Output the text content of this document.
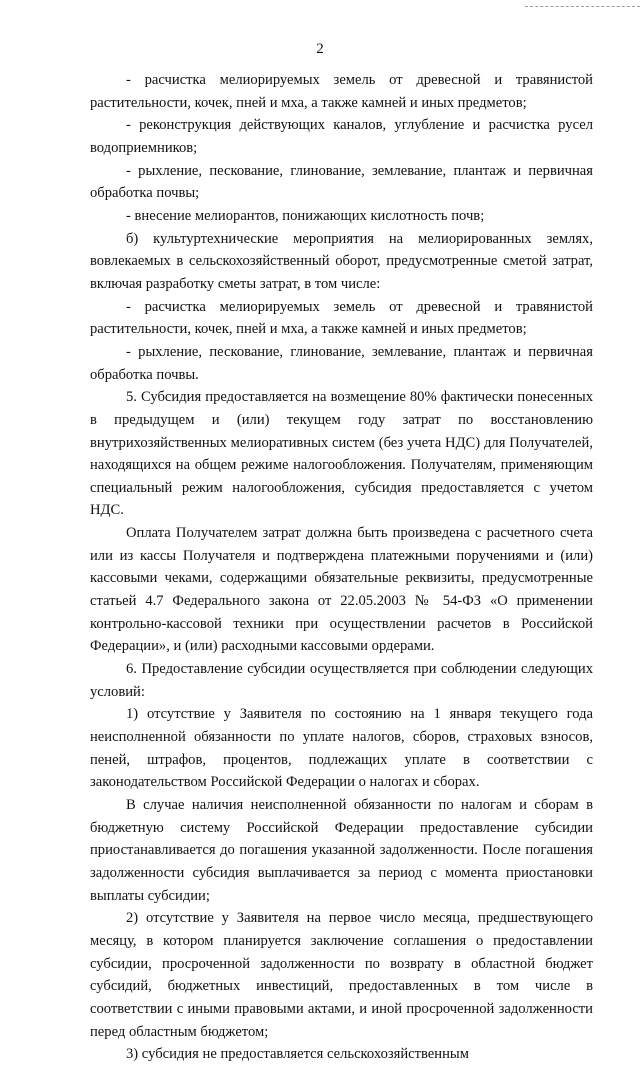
2

- расчистка мелиорируемых земель от древесной и травянистой растительности, кочек, пней и мха, а также камней и иных предметов;

- реконструкция действующих каналов, углубление и расчистка русел водоприемников;

- рыхление, пескование, глинование, землевание, плантаж и первичная обработка почвы;

- внесение мелиорантов, понижающих кислотность почв;

б) культуртехнические мероприятия на мелиорированных землях, вовлекаемых в сельскохозяйственный оборот, предусмотренные сметой затрат, включая разработку сметы затрат, в том числе:

- расчистка мелиорируемых земель от древесной и травянистой растительности, кочек, пней и мха, а также камней и иных предметов;

- рыхление, пескование, глинование, землевание, плантаж и первичная обработка почвы.

5. Субсидия предоставляется на возмещение 80% фактически понесенных в предыдущем и (или) текущем году затрат по восстановлению внутрихозяйственных мелиоративных систем (без учета НДС) для Получателей, находящихся на общем режиме налогообложения. Получателям, применяющим специальный режим налогообложения, субсидия предоставляется с учетом НДС.

Оплата Получателем затрат должна быть произведена с расчетного счета или из кассы Получателя и подтверждена платежными поручениями и (или) кассовыми чеками, содержащими обязательные реквизиты, предусмотренные статьей 4.7 Федерального закона от 22.05.2003 № 54-ФЗ «О применении контрольно-кассовой техники при осуществлении расчетов в Российской Федерации», и (или) расходными кассовыми ордерами.

6. Предоставление субсидии осуществляется при соблюдении следующих условий:

1) отсутствие у Заявителя по состоянию на 1 января текущего года неисполненной обязанности по уплате налогов, сборов, страховых взносов, пеней, штрафов, процентов, подлежащих уплате в соответствии с законодательством Российской Федерации о налогах и сборах.

В случае наличия неисполненной обязанности по налогам и сборам в бюджетную систему Российской Федерации предоставление субсидии приостанавливается до погашения указанной задолженности. После погашения задолженности субсидия выплачивается за период с момента приостановки выплаты субсидии;

2) отсутствие у Заявителя на первое число месяца, предшествующего месяцу, в котором планируется заключение соглашения о предоставлении субсидии, просроченной задолженности по возврату в областной бюджет субсидий, бюджетных инвестиций, предоставленных в том числе в соответствии с иными правовыми актами, и иной просроченной задолженности перед областным бюджетом;

3) субсидия не предоставляется сельскохозяйственным
